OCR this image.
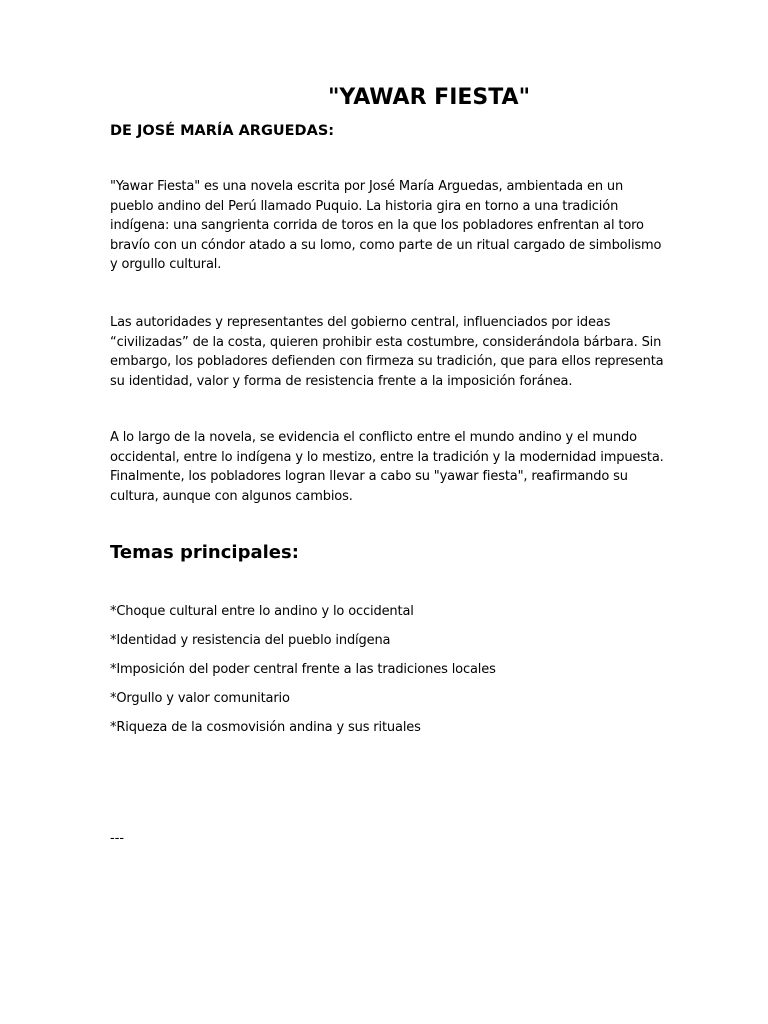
"YAWAR FIESTA"
DE JOSÉ MARÍA ARGUEDAS:

"Yawar Fiesta" es una novela escrita por José María Arguedas, ambientada en un pueblo andino del Perú llamado Puquio. La historia gira en torno a una tradición indígena: una sangrienta corrida de toros en la que los pobladores enfrentan al toro bravío con un cóndor atado a su lomo, como parte de un ritual cargado de simbolismo y orgullo cultural.

Las autoridades y representantes del gobierno central, influenciados por ideas “civilizadas” de la costa, quieren prohibir esta costumbre, considerándola bárbara. Sin embargo, los pobladores defienden con firmeza su tradición, que para ellos representa su identidad, valor y forma de resistencia frente a la imposición foránea.

A lo largo de la novela, se evidencia el conflicto entre el mundo andino y el mundo occidental, entre lo indígena y lo mestizo, entre la tradición y la modernidad impuesta. Finalmente, los pobladores logran llevar a cabo su "yawar fiesta", reafirmando su cultura, aunque con algunos cambios.

Temas principales:
*Choque cultural entre lo andino y lo occidental
*Identidad y resistencia del pueblo indígena
*Imposición del poder central frente a las tradiciones locales
*Orgullo y valor comunitario
*Riqueza de la cosmovisión andina y sus rituales

---
